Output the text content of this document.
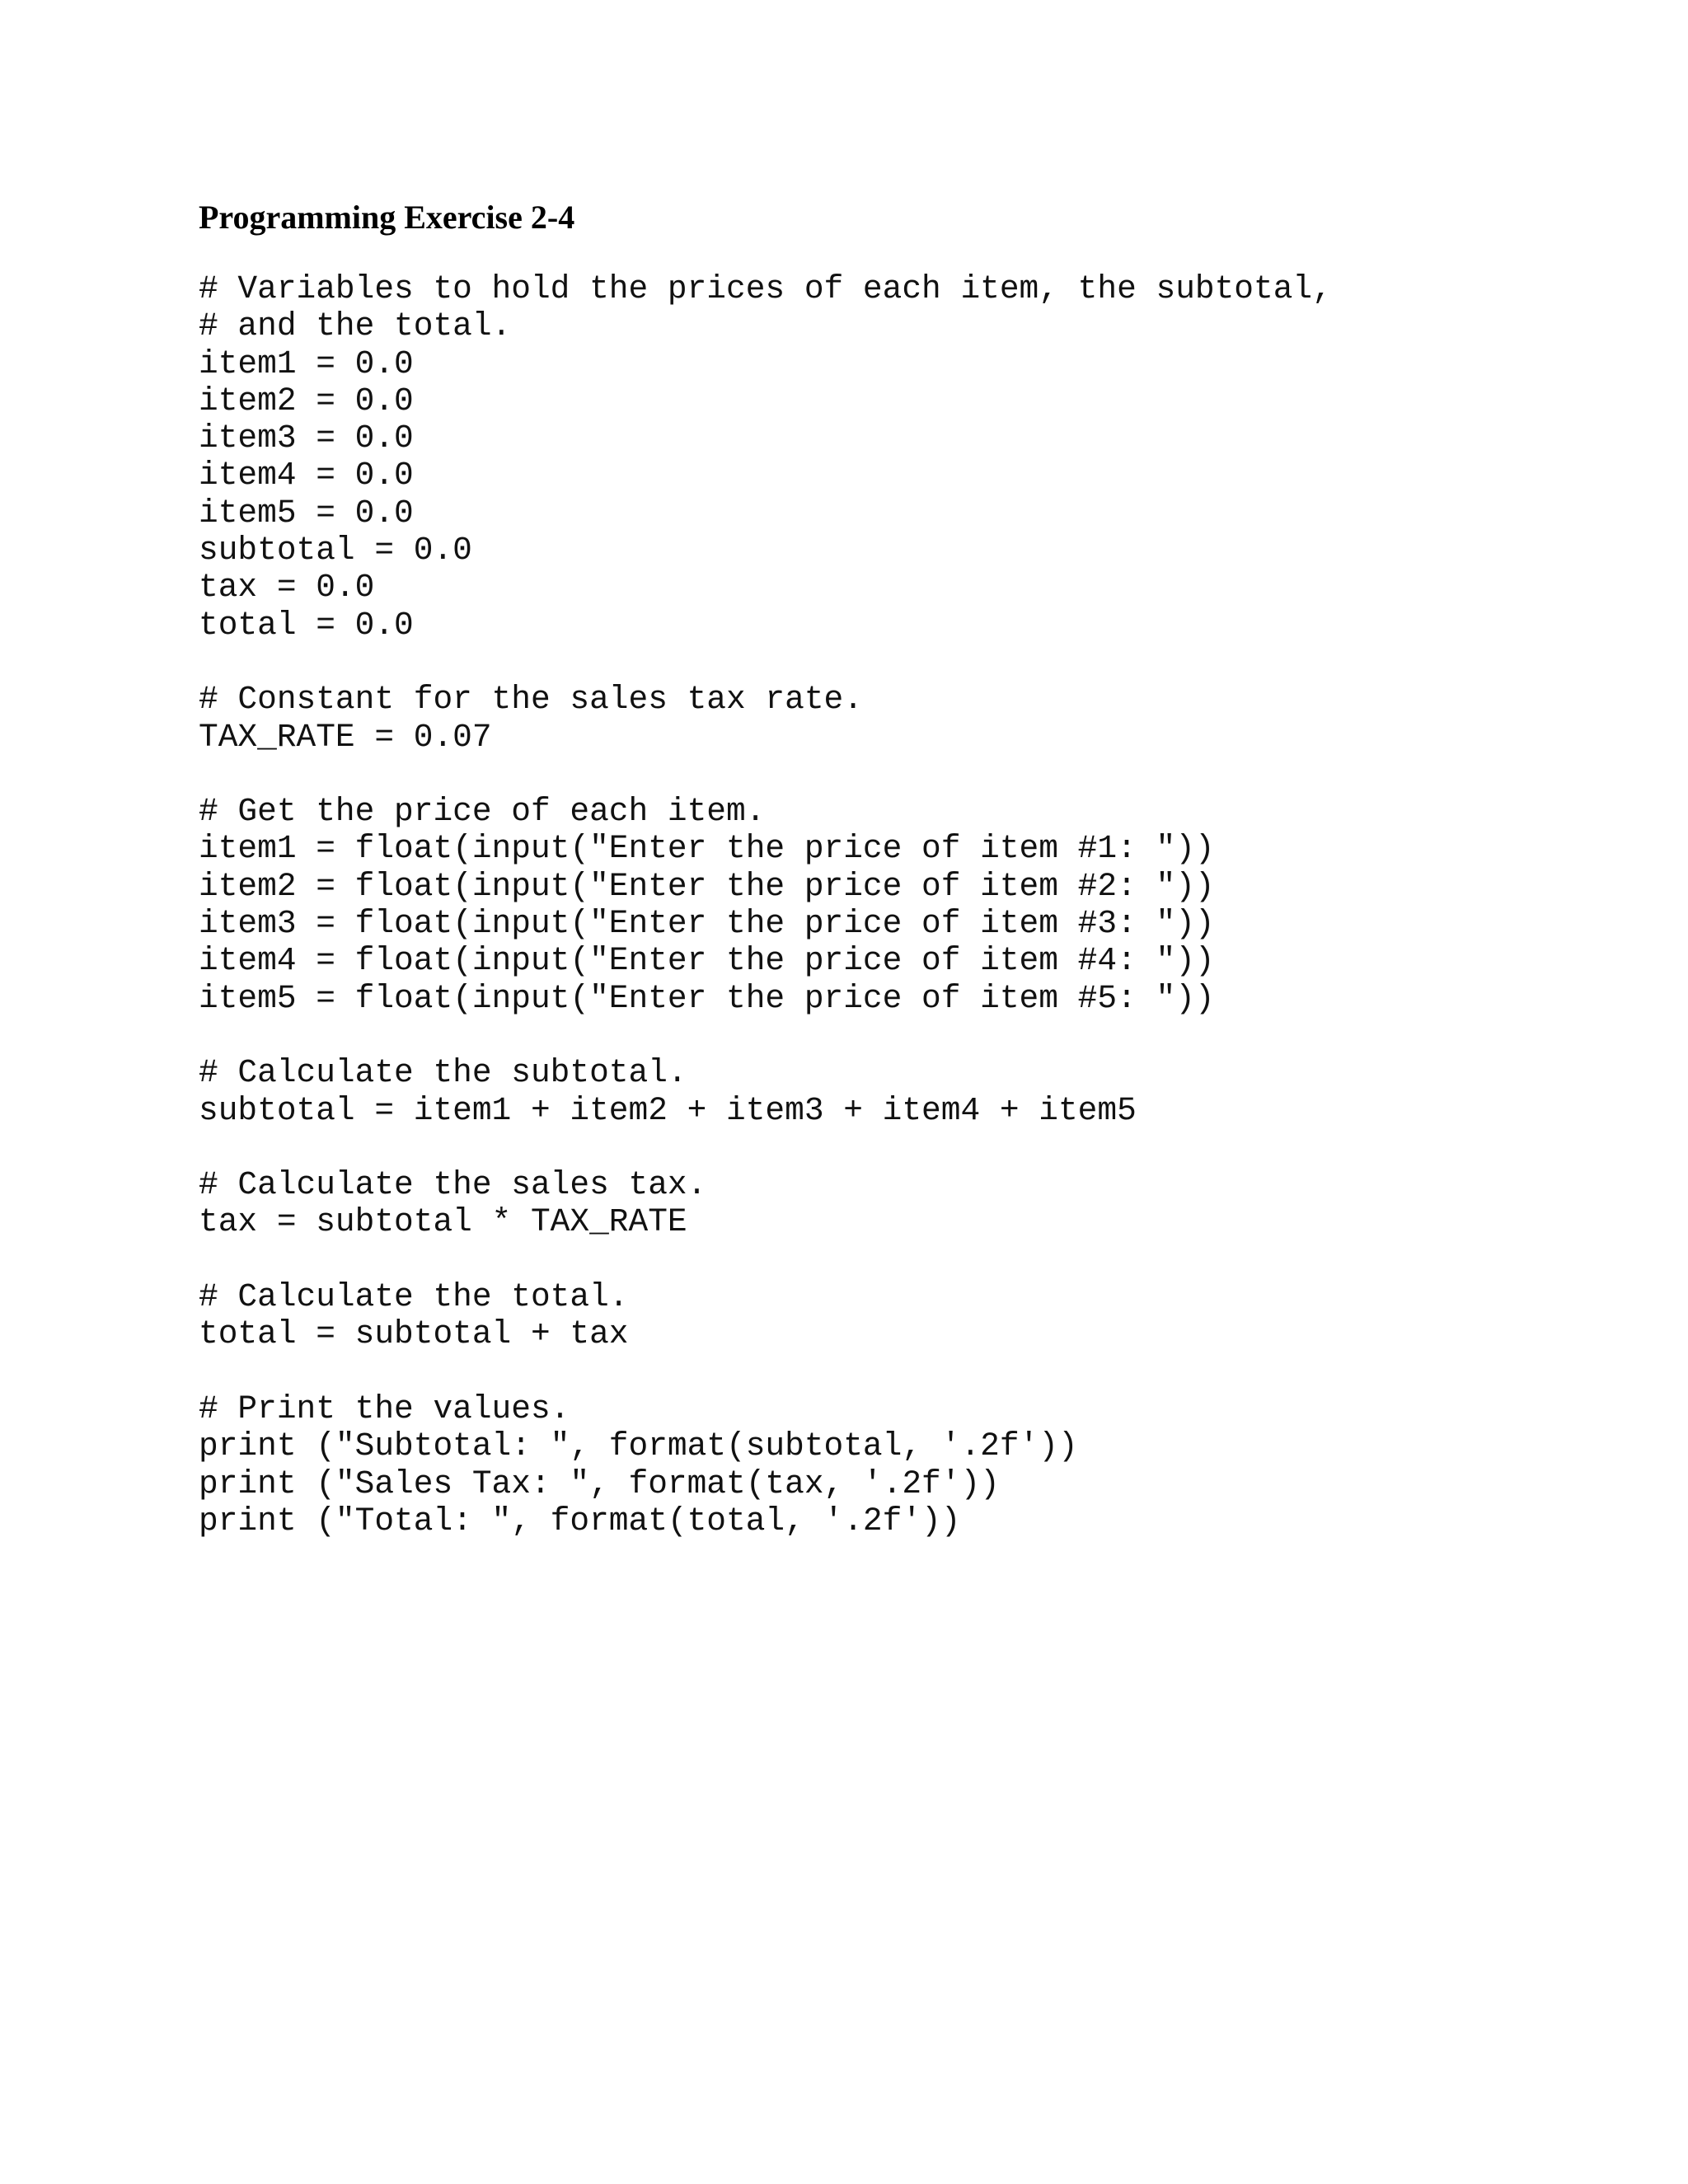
Programming Exercise 2-4
# Variables to hold the prices of each item, the subtotal,
# and the total.
item1 = 0.0
item2 = 0.0
item3 = 0.0
item4 = 0.0
item5 = 0.0
subtotal = 0.0
tax = 0.0
total = 0.0
# Constant for the sales tax rate.
TAX_RATE = 0.07
# Get the price of each item.
item1 = float(input("Enter the price of item #1: "))
item2 = float(input("Enter the price of item #2: "))
item3 = float(input("Enter the price of item #3: "))
item4 = float(input("Enter the price of item #4: "))
item5 = float(input("Enter the price of item #5: "))
# Calculate the subtotal.
subtotal = item1 + item2 + item3 + item4 + item5
# Calculate the sales tax.
tax = subtotal * TAX_RATE
# Calculate the total.
total = subtotal + tax
# Print the values.
print ("Subtotal: ", format(subtotal, '.2f'))
print ("Sales Tax: ", format(tax, '.2f'))
print ("Total: ", format(total, '.2f'))
